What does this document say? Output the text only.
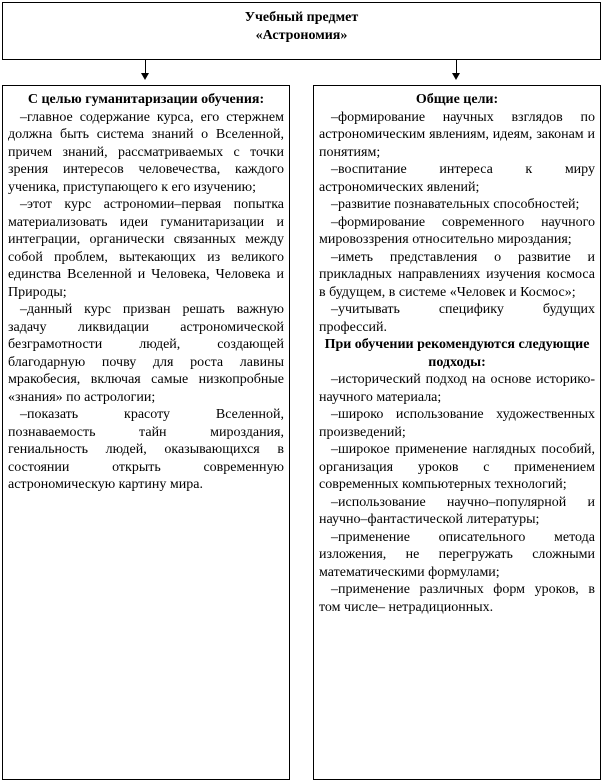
Учебный предмет
«Астрономия»
С целью гуманитаризации обучения:

–главное содержание курса, его стержнем должна быть система знаний о Вселенной, причем знаний, рассматриваемых с точки зрения интересов человечества, каждого ученика, приступающего к его изучению;

–этот курс астрономии–первая попытка материализовать идеи гуманитаризации и интеграции, органически связанных между собой проблем, вытекающих из великого единства Вселенной и Человека, Человека и Природы;

–данный курс призван решать важную задачу ликвидации астрономической безграмотности людей, создающей благодарную почву для роста лавины мракобесия, включая самые низкопробные «знания» по астрологии;

–показать красоту Вселенной, познаваемость тайн мироздания, гениальность людей, оказывающихся в состоянии открыть современную астрономическую картину мира.

Общие цели:

–формирование научных взглядов по астрономическим явлениям, идеям, законам и понятиям;

–воспитание интереса к миру астрономических явлений;

–развитие познавательных способностей;

–формирование современного научного мировоззрения относительно мироздания;

–иметь представления о развитие и прикладных направлениях изучения космоса в будущем, в системе «Человек и Космос»;

–учитывать специфику будущих профессий.

При обучении рекомендуются следующие подходы:

–исторический подход на основе историко-научного материала;

–широко использование художественных произведений;

–широкое применение наглядных пособий, организация уроков с применением современных компьютерных технологий;

–использование научно–популярной и научно–фантастической литературы;

–применение описательного метода изложения, не перегружать сложными математическими формулами;

–применение различных форм уроков, в том числе– нетрадиционных.
